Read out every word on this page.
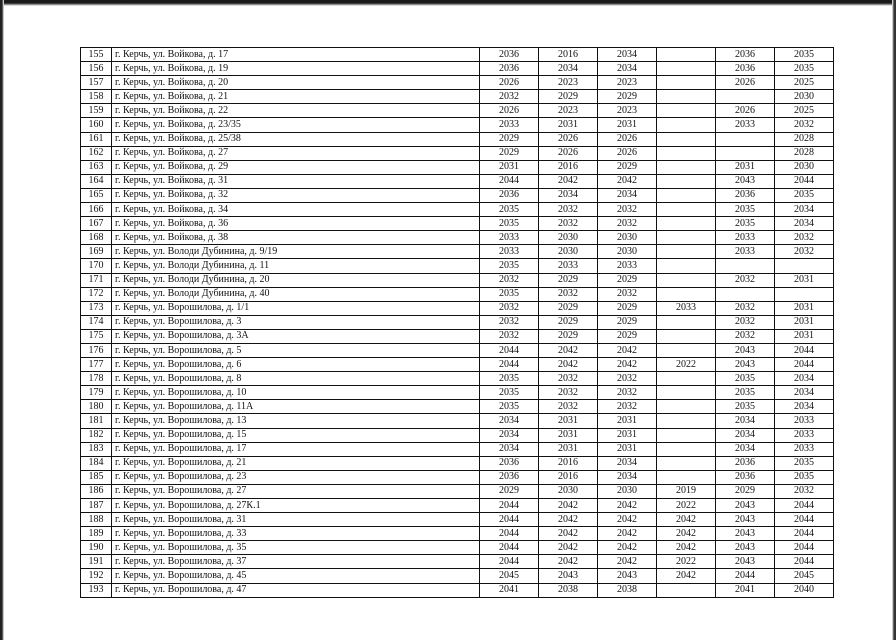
155	г. Керчь, ул. Войкова, д. 17	2036	2016	2034		2036	2035
156	г. Керчь, ул. Войкова, д. 19	2036	2034	2034		2036	2035
157	г. Керчь, ул. Войкова, д. 20	2026	2023	2023		2026	2025
158	г. Керчь, ул. Войкова, д. 21	2032	2029	2029			2030
159	г. Керчь, ул. Войкова, д. 22	2026	2023	2023		2026	2025
160	г. Керчь, ул. Войкова, д. 23/35	2033	2031	2031		2033	2032
161	г. Керчь, ул. Войкова, д. 25/38	2029	2026	2026			2028
162	г. Керчь, ул. Войкова, д. 27	2029	2026	2026			2028
163	г. Керчь, ул. Войкова, д. 29	2031	2016	2029		2031	2030
164	г. Керчь, ул. Войкова, д. 31	2044	2042	2042		2043	2044
165	г. Керчь, ул. Войкова, д. 32	2036	2034	2034		2036	2035
166	г. Керчь, ул. Войкова, д. 34	2035	2032	2032		2035	2034
167	г. Керчь, ул. Войкова, д. 36	2035	2032	2032		2035	2034
168	г. Керчь, ул. Войкова, д. 38	2033	2030	2030		2033	2032
169	г. Керчь, ул. Володи Дубинина, д. 9/19	2033	2030	2030		2033	2032
170	г. Керчь, ул. Володи Дубинина, д. 11	2035	2033	2033			
171	г. Керчь, ул. Володи Дубинина, д. 20	2032	2029	2029		2032	2031
172	г. Керчь, ул. Володи Дубинина, д. 40	2035	2032	2032			
173	г. Керчь, ул. Ворошилова, д. 1/1	2032	2029	2029	2033	2032	2031
174	г. Керчь, ул. Ворошилова, д. 3	2032	2029	2029		2032	2031
175	г. Керчь, ул. Ворошилова, д. 3А	2032	2029	2029		2032	2031
176	г. Керчь, ул. Ворошилова, д. 5	2044	2042	2042		2043	2044
177	г. Керчь, ул. Ворошилова, д. 6	2044	2042	2042	2022	2043	2044
178	г. Керчь, ул. Ворошилова, д. 8	2035	2032	2032		2035	2034
179	г. Керчь, ул. Ворошилова, д. 10	2035	2032	2032		2035	2034
180	г. Керчь, ул. Ворошилова, д. 11А	2035	2032	2032		2035	2034
181	г. Керчь, ул. Ворошилова, д. 13	2034	2031	2031		2034	2033
182	г. Керчь, ул. Ворошилова, д. 15	2034	2031	2031		2034	2033
183	г. Керчь, ул. Ворошилова, д. 17	2034	2031	2031		2034	2033
184	г. Керчь, ул. Ворошилова, д. 21	2036	2016	2034		2036	2035
185	г. Керчь, ул. Ворошилова, д. 23	2036	2016	2034		2036	2035
186	г. Керчь, ул. Ворошилова, д. 27	2029	2030	2030	2019	2029	2032
187	г. Керчь, ул. Ворошилова, д. 27К.1	2044	2042	2042	2022	2043	2044
188	г. Керчь, ул. Ворошилова, д. 31	2044	2042	2042	2042	2043	2044
189	г. Керчь, ул. Ворошилова, д. 33	2044	2042	2042	2042	2043	2044
190	г. Керчь, ул. Ворошилова, д. 35	2044	2042	2042	2042	2043	2044
191	г. Керчь, ул. Ворошилова, д. 37	2044	2042	2042	2022	2043	2044
192	г. Керчь, ул. Ворошилова, д. 45	2045	2043	2043	2042	2044	2045
193	г. Керчь, ул. Ворошилова, д. 47	2041	2038	2038		2041	2040
